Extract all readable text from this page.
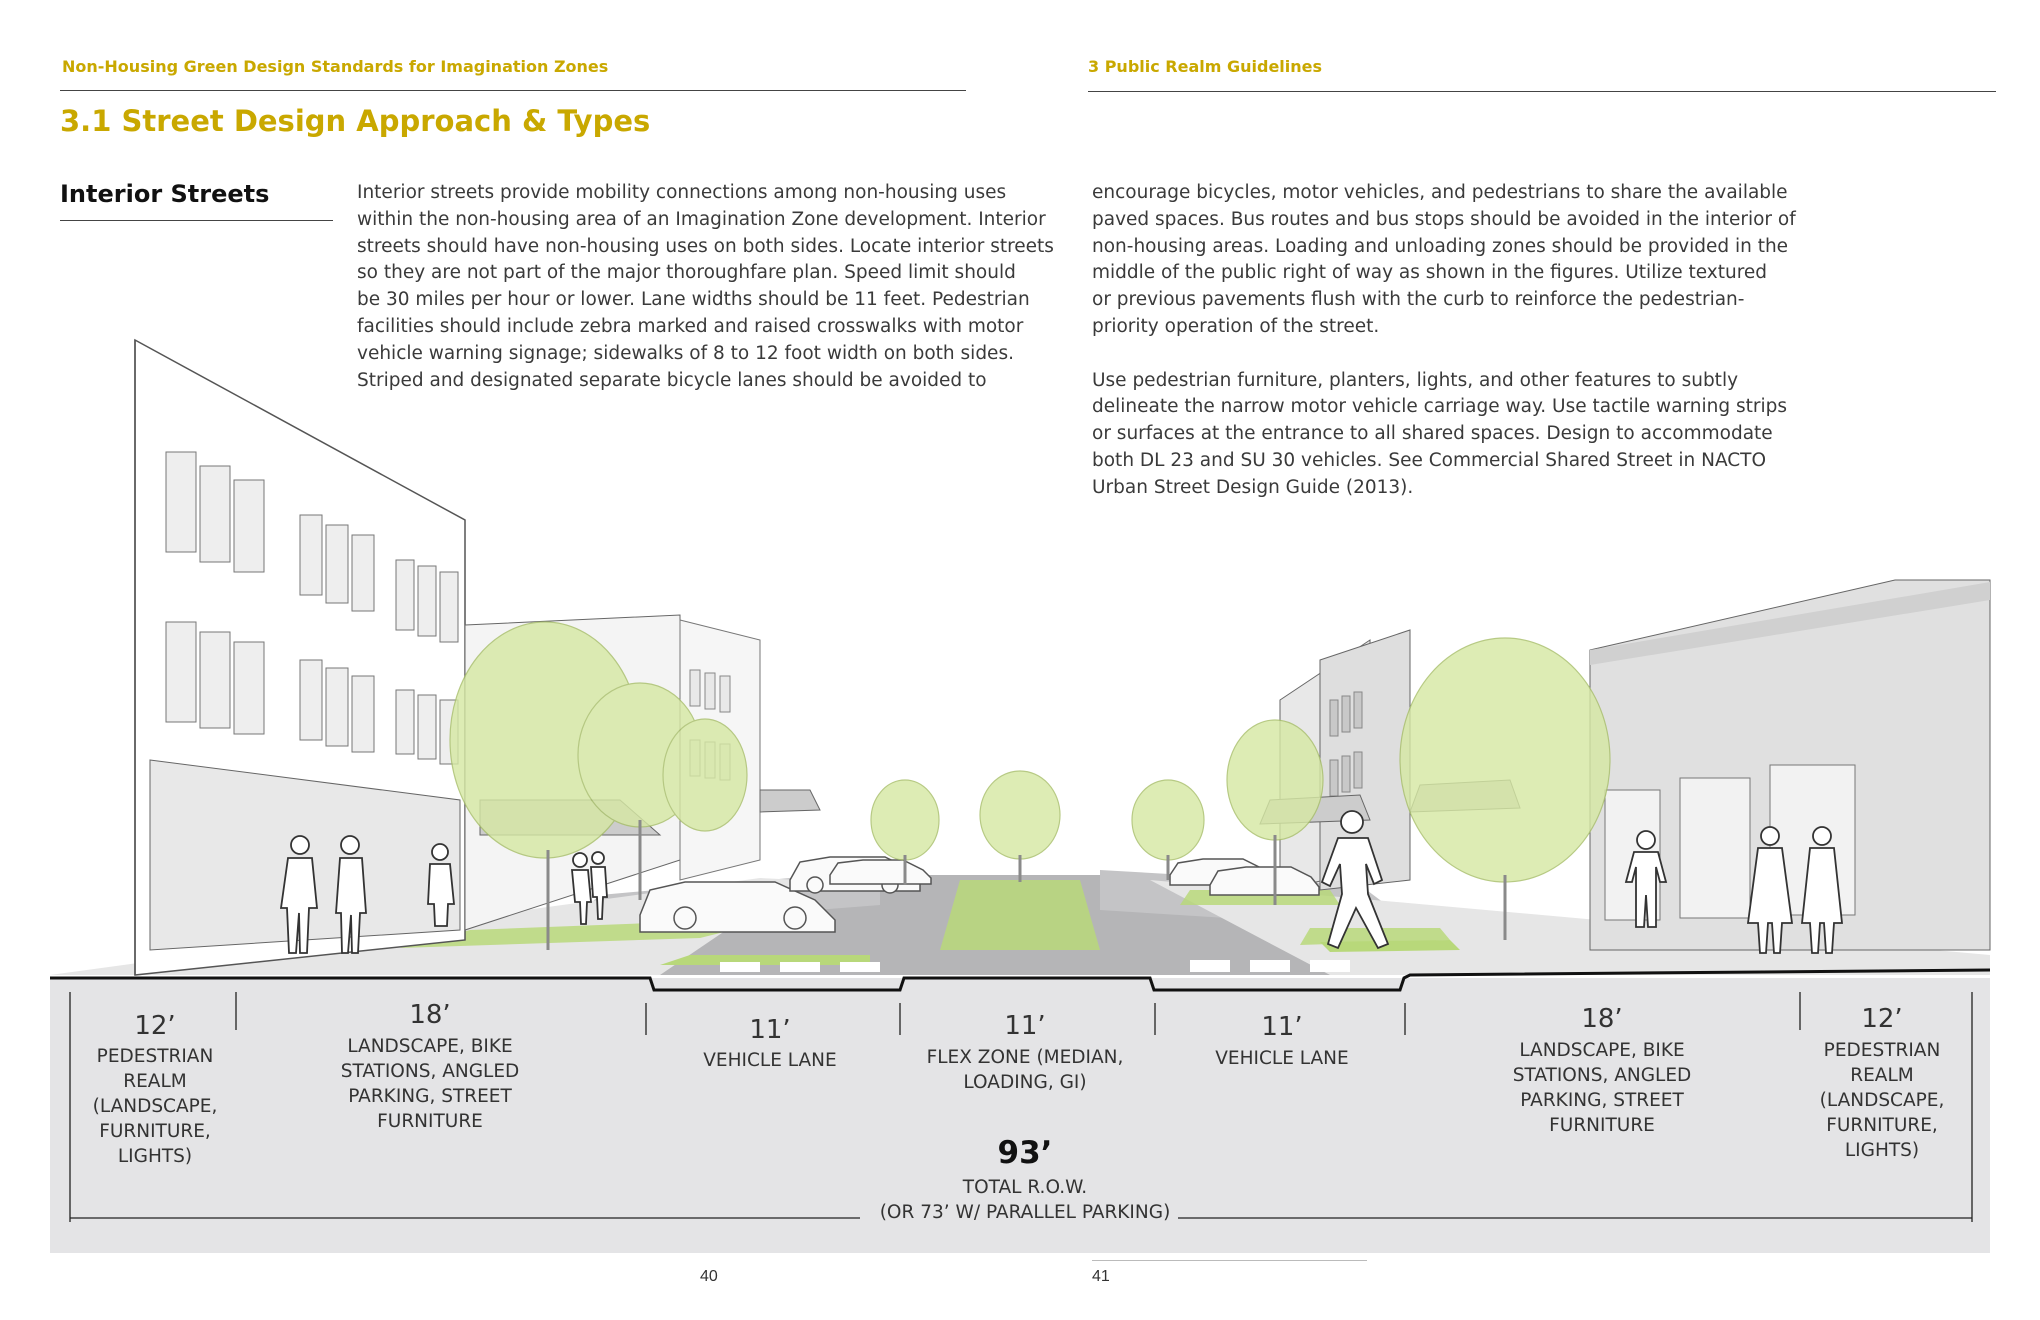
Non-Housing Green Design Standards for Imagination Zones	3 Public Realm Guidelines
3.1 Street Design Approach & Types
Interior Streets
12’
PEDESTRIAN
REALM
(LANDSCAPE,
FURNITURE,
LIGHTS)
18’
LANDSCAPE, BIKE
STATIONS, ANGLED
PARKING, STREET
FURNITURE
11’
VEHICLE LANE
11’
FLEX ZONE (MEDIAN,
LOADING, GI)
11’
VEHICLE LANE
18’
LANDSCAPE, BIKE
STATIONS, ANGLED
PARKING, STREET
FURNITURE
12’
PEDESTRIAN
REALM
(LANDSCAPE,
FURNITURE,
LIGHTS)
93’
TOTAL R.O.W.
(OR 73’ W/ PARALLEL PARKING)
Interior streets provide mobility connections among non-housing uses
within the non-housing area of an Imagination Zone development. Interior
streets should have non-housing uses on both sides. Locate interior streets
so they are not part of the major thoroughfare plan. Speed limit should
be 30 miles per hour or lower. Lane widths should be 11 feet. Pedestrian
facilities should include zebra marked and raised crosswalks with motor
vehicle warning signage; sidewalks of 8 to 12 foot width on both sides.
Striped and designated separate bicycle lanes should be avoided to
encourage bicycles, motor vehicles, and pedestrians to share the available
paved spaces. Bus routes and bus stops should be avoided in the interior of
non-housing areas. Loading and unloading zones should be provided in the
middle of the public right of way as shown in the figures. Utilize textured
or previous pavements flush with the curb to reinforce the pedestrian-
priority operation of the street.
Use pedestrian furniture, planters, lights, and other features to subtly
delineate the narrow motor vehicle carriage way. Use tactile warning strips
or surfaces at the entrance to all shared spaces. Design to accommodate
both DL 23 and SU 30 vehicles. See Commercial Shared Street in NACTO
Urban Street Design Guide (2013).
40	41
